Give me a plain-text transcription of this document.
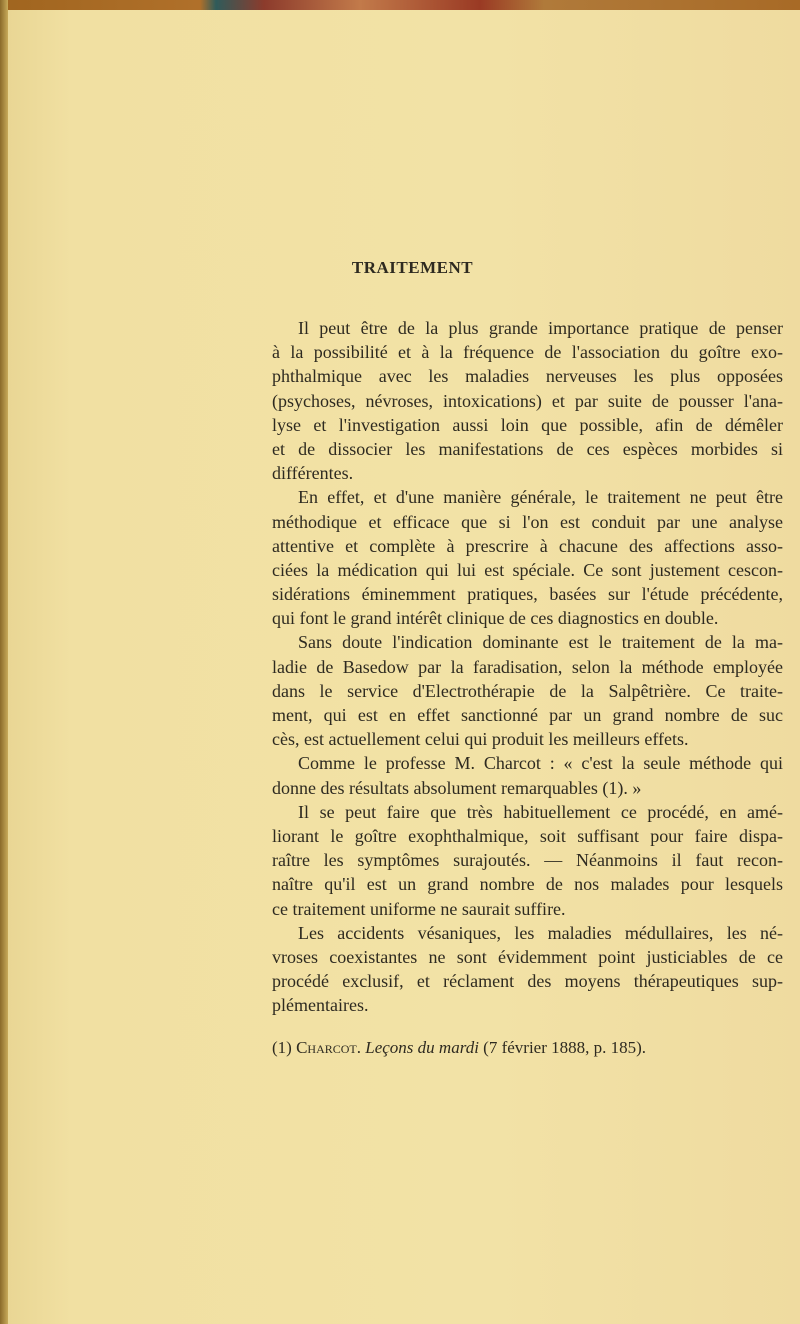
TRAITEMENT
Il peut être de la plus grande importance pratique de penser
à la possibilité et à la fréquence de l'association du goître exo-
phthalmique avec les maladies nerveuses les plus opposées
(psychoses, névroses, intoxications) et par suite de pousser l'ana-
lyse et l'investigation aussi loin que possible, afin de démêler
et de dissocier les manifestations de ces espèces morbides si
différentes.
En effet, et d'une manière générale, le traitement ne peut être
méthodique et efficace que si l'on est conduit par une analyse
attentive et complète à prescrire à chacune des affections asso-
ciées la médication qui lui est spéciale. Ce sont justement cescon-
sidérations éminemment pratiques, basées sur l'étude précédente,
qui font le grand intérêt clinique de ces diagnostics en double.
Sans doute l'indication dominante est le traitement de la ma-
ladie de Basedow par la faradisation, selon la méthode employée
dans le service d'Electrothérapie de la Salpêtrière. Ce traite-
ment, qui est en effet sanctionné par un grand nombre de suc
cès, est actuellement celui qui produit les meilleurs effets.
Comme le professe M. Charcot : « c'est la seule méthode qui
donne des résultats absolument remarquables (1). »
Il se peut faire que très habituellement ce procédé, en amé-
liorant le goître exophthalmique, soit suffisant pour faire dispa-
raître les symptômes surajoutés. — Néanmoins il faut recon-
naître qu'il est un grand nombre de nos malades pour lesquels
ce traitement uniforme ne saurait suffire.
Les accidents vésaniques, les maladies médullaires, les né-
vroses coexistantes ne sont évidemment point justiciables de ce
procédé exclusif, et réclament des moyens thérapeutiques sup-
plémentaires.
(1) Charcot. Leçons du mardi (7 février 1888, p. 185).
